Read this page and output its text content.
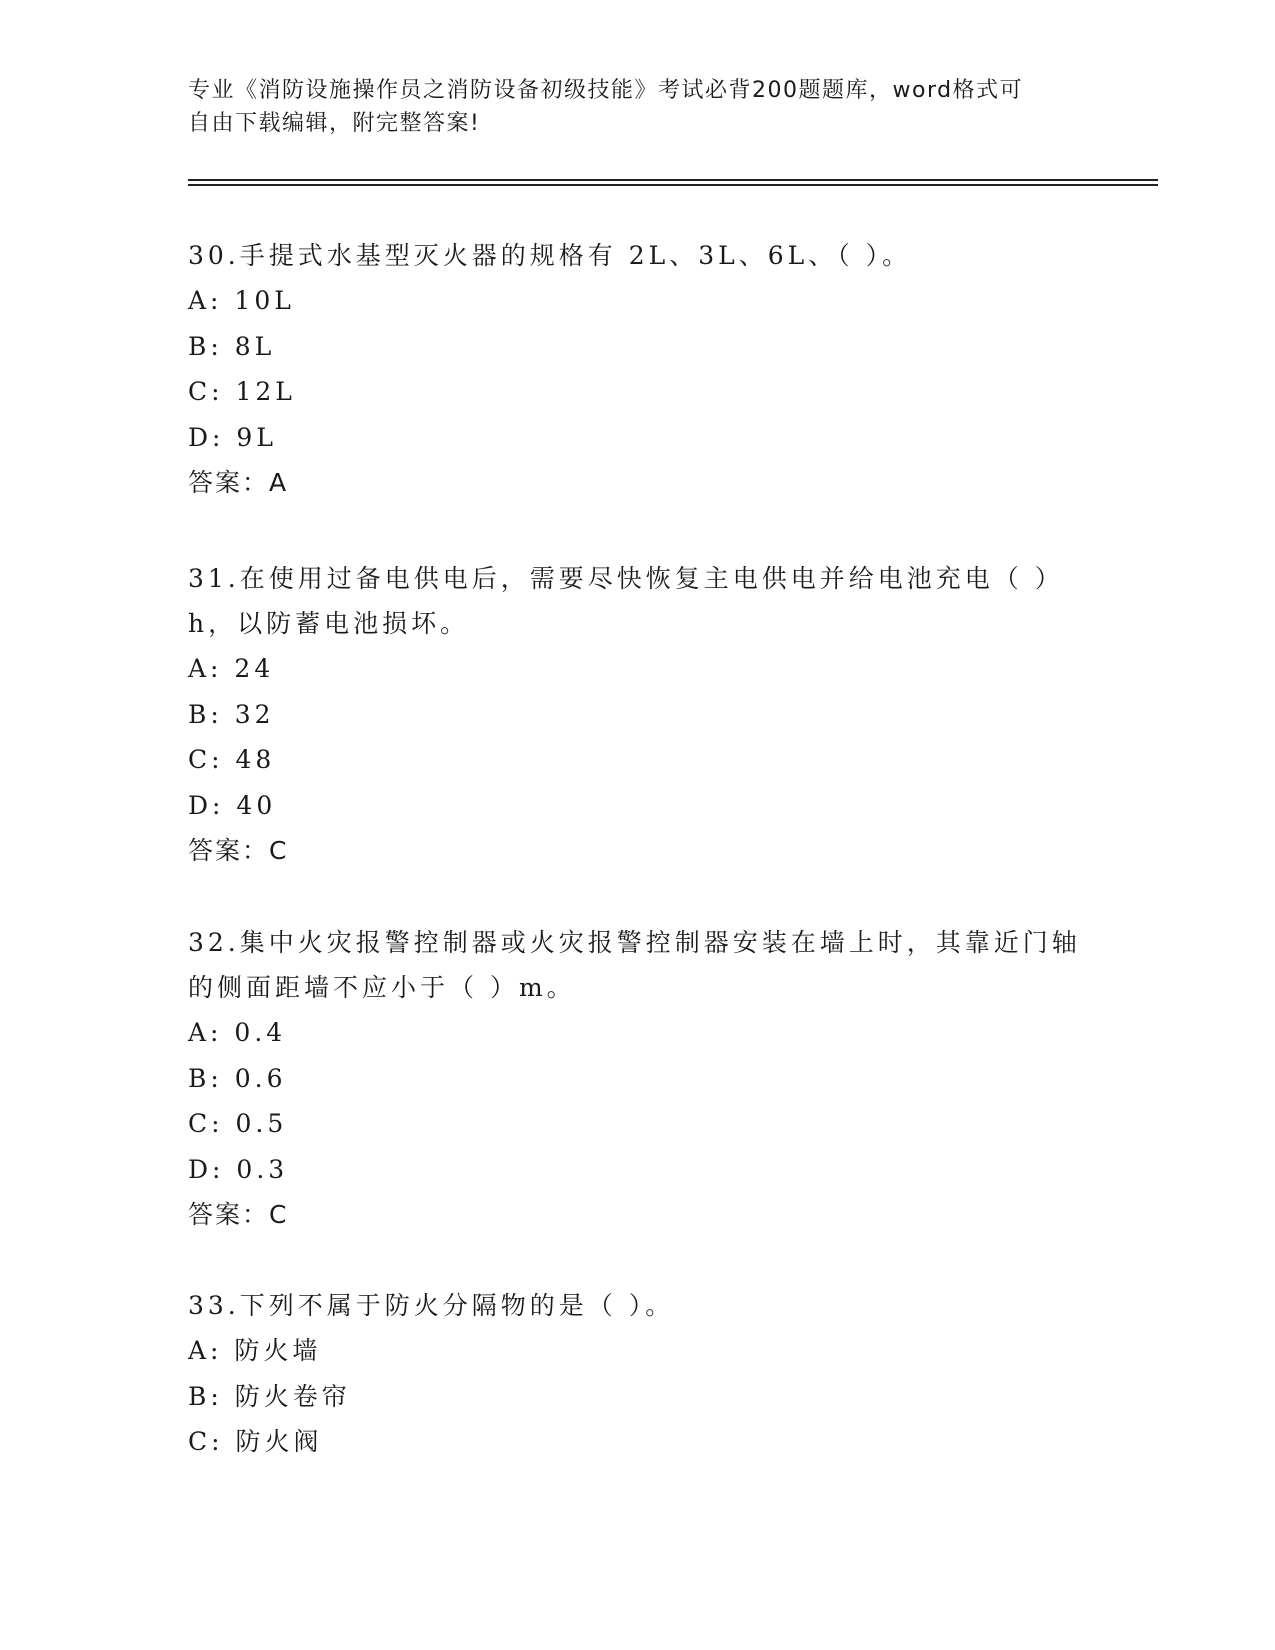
专业《消防设施操作员之消防设备初级技能》考试必背200题题库，word格式可

自由下载编辑，附完整答案!

30.手提式水基型灭火器的规格有 2L、3L、6L、（ ）。

A: 10L

B: 8L

C: 12L

D: 9L

答案：A

31.在使用过备电供电后，需要尽快恢复主电供电并给电池充电（ ）

h，以防蓄电池损坏。

A: 24

B: 32

C: 48

D: 40

答案：C

32.集中火灾报警控制器或火灾报警控制器安装在墙上时，其靠近门轴

的侧面距墙不应小于（ ）m。

A: 0.4

B: 0.6

C: 0.5

D: 0.3

答案：C

33.下列不属于防火分隔物的是（ ）。

A: 防火墙

B: 防火卷帘

C: 防火阀
